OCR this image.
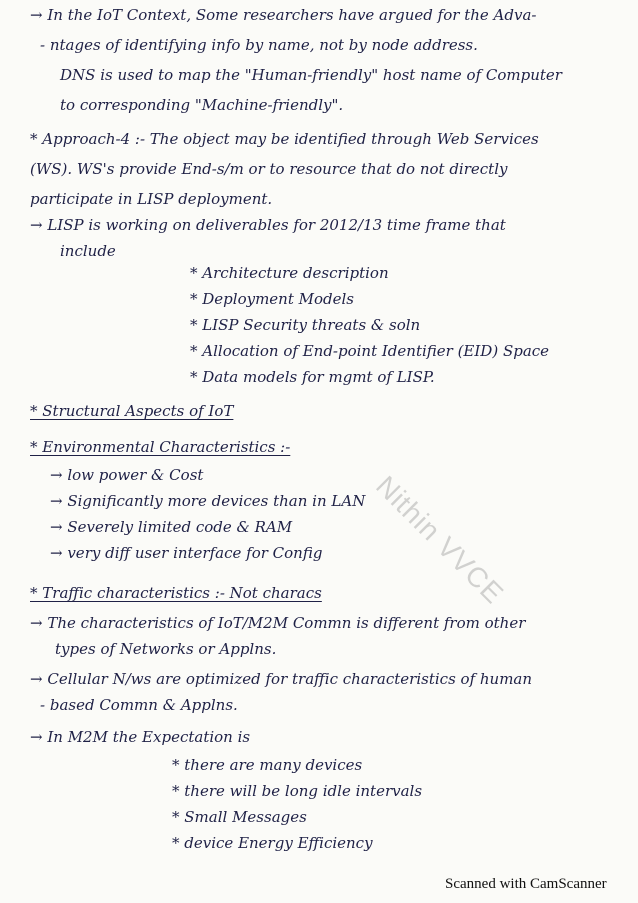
→ In the IoT Context, Some researchers have argued for the Adva-
- ntages of identifying info by name, not by node address.
DNS is used to map the "Human-friendly" host name of Computer
to corresponding "Machine-friendly".
* Approach-4 :- The object may be identified through Web Services
(WS). WS's provide End-s/m or to resource that do not directly
participate in LISP deployment.
→ LISP is working on deliverables for 2012/13 time frame that
include
* Architecture description
* Deployment Models
* LISP Security threats & soln
* Allocation of End-point Identifier (EID) Space
* Data models for mgmt of LISP.
* Structural Aspects of IoT
* Environmental Characteristics :-
→ low power & Cost
→ Significantly more devices than in LAN
→ Severely limited code & RAM
→ very diff user interface for Config
* Traffic characteristics :- Not characs
→ The characteristics of IoT/M2M Commn is different from other
types of Networks or Applns.
→ Cellular N/ws are optimized for traffic characteristics of human
- based Commn & Applns.
→ In M2M the Expectation is
* there are many devices
* there will be long idle intervals
* Small Messages
* device Energy Efficiency
Nithin VVCE
Scanned with CamScanner
